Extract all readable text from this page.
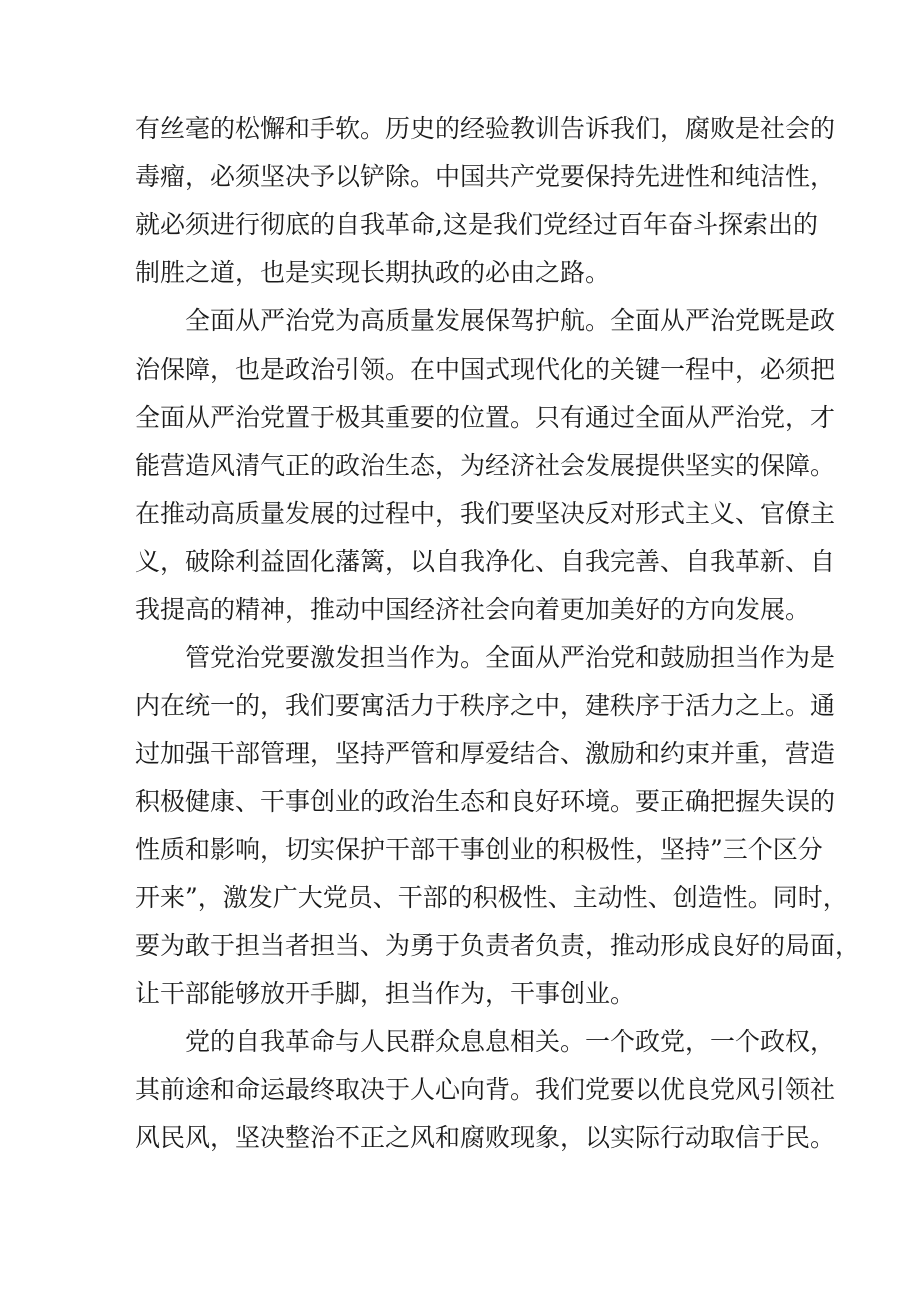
有丝毫的松懈和手软。历史的经验教训告诉我们，腐败是社会的

毒瘤，必须坚决予以铲除。中国共产党要保持先进性和纯洁性，

就必须进行彻底的自我革命,这是我们党经过百年奋斗探索出的

制胜之道，也是实现长期执政的必由之路。

全面从严治党为高质量发展保驾护航。全面从严治党既是政

治保障，也是政治引领。在中国式现代化的关键一程中，必须把

全面从严治党置于极其重要的位置。只有通过全面从严治党，才

能营造风清气正的政治生态，为经济社会发展提供坚实的保障。

在推动高质量发展的过程中，我们要坚决反对形式主义、官僚主

义，破除利益固化藩篱，以自我净化、自我完善、自我革新、自

我提高的精神，推动中国经济社会向着更加美好的方向发展。

管党治党要激发担当作为。全面从严治党和鼓励担当作为是

内在统一的，我们要寓活力于秩序之中，建秩序于活力之上。通

过加强干部管理，坚持严管和厚爱结合、激励和约束并重，营造

积极健康、干事创业的政治生态和良好环境。要正确把握失误的

性质和影响，切实保护干部干事创业的积极性，坚持”三个区分

开来”，激发广大党员、干部的积极性、主动性、创造性。同时，

要为敢于担当者担当、为勇于负责者负责，推动形成良好的局面，

让干部能够放开手脚，担当作为，干事创业。

党的自我革命与人民群众息息相关。一个政党，一个政权，

其前途和命运最终取决于人心向背。我们党要以优良党风引领社

风民风，坚决整治不正之风和腐败现象，以实际行动取信于民。
